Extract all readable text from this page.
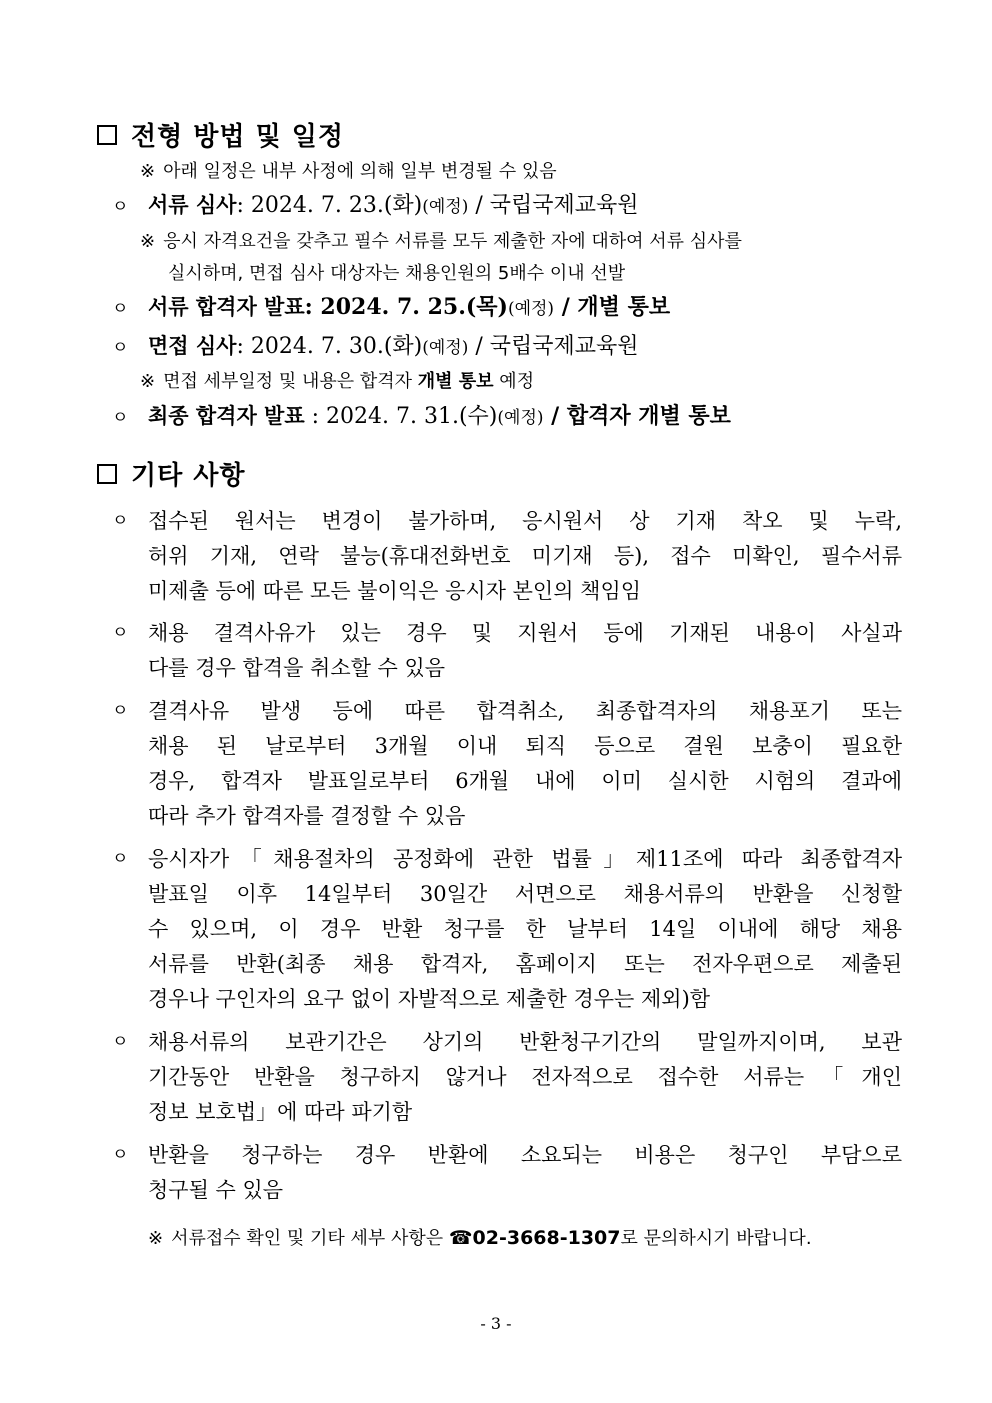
전형 방법 및 일정
※ 아래 일정은 내부 사정에 의해 일부 변경될 수 있음
ㅇ 서류 심사: 2024. 7. 23.(화)(예정) / 국립국제교육원
※ 응시 자격요건을 갖추고 필수 서류를 모두 제출한 자에 대하여 서류 심사를
실시하며, 면접 심사 대상자는 채용인원의 5배수 이내 선발
ㅇ 서류 합격자 발표: 2024. 7. 25.(목)(예정) / 개별 통보
ㅇ 면접 심사: 2024. 7. 30.(화)(예정) / 국립국제교육원
※ 면접 세부일정 및 내용은 합격자 개별 통보 예정
ㅇ 최종 합격자 발표 : 2024. 7. 31.(수)(예정) / 합격자 개별 통보
기타 사항
ㅇ 접수된 원서는 변경이 불가하며, 응시원서 상 기재 착오 및 누락,
허위 기재, 연락 불능(휴대전화번호 미기재 등), 접수 미확인, 필수서류
미제출 등에 따른 모든 불이익은 응시자 본인의 책임임
ㅇ 채용 결격사유가 있는 경우 및 지원서 등에 기재된 내용이 사실과
다를 경우 합격을 취소할 수 있음
ㅇ 결격사유 발생 등에 따른 합격취소, 최종합격자의 채용포기 또는
채용 된 날로부터 3개월 이내 퇴직 등으로 결원 보충이 필요한
경우, 합격자 발표일로부터 6개월 내에 이미 실시한 시험의 결과에
따라 추가 합격자를 결정할 수 있음
ㅇ 응시자가「채용절차의 공정화에 관한 법률」제11조에 따라 최종합격자
발표일 이후 14일부터 30일간 서면으로 채용서류의 반환을 신청할
수 있으며, 이 경우 반환 청구를 한 날부터 14일 이내에 해당 채용
서류를 반환(최종 채용 합격자, 홈페이지 또는 전자우편으로 제출된
경우나 구인자의 요구 없이 자발적으로 제출한 경우는 제외)함
ㅇ 채용서류의 보관기간은 상기의 반환청구기간의 말일까지이며, 보관
기간동안 반환을 청구하지 않거나 전자적으로 접수한 서류는「개인
정보 보호법」에 따라 파기함
ㅇ 반환을 청구하는 경우 반환에 소요되는 비용은 청구인 부담으로
청구될 수 있음
※ 서류접수 확인 및 기타 세부 사항은 ☎02-3668-1307로 문의하시기 바랍니다.
- 3 -
